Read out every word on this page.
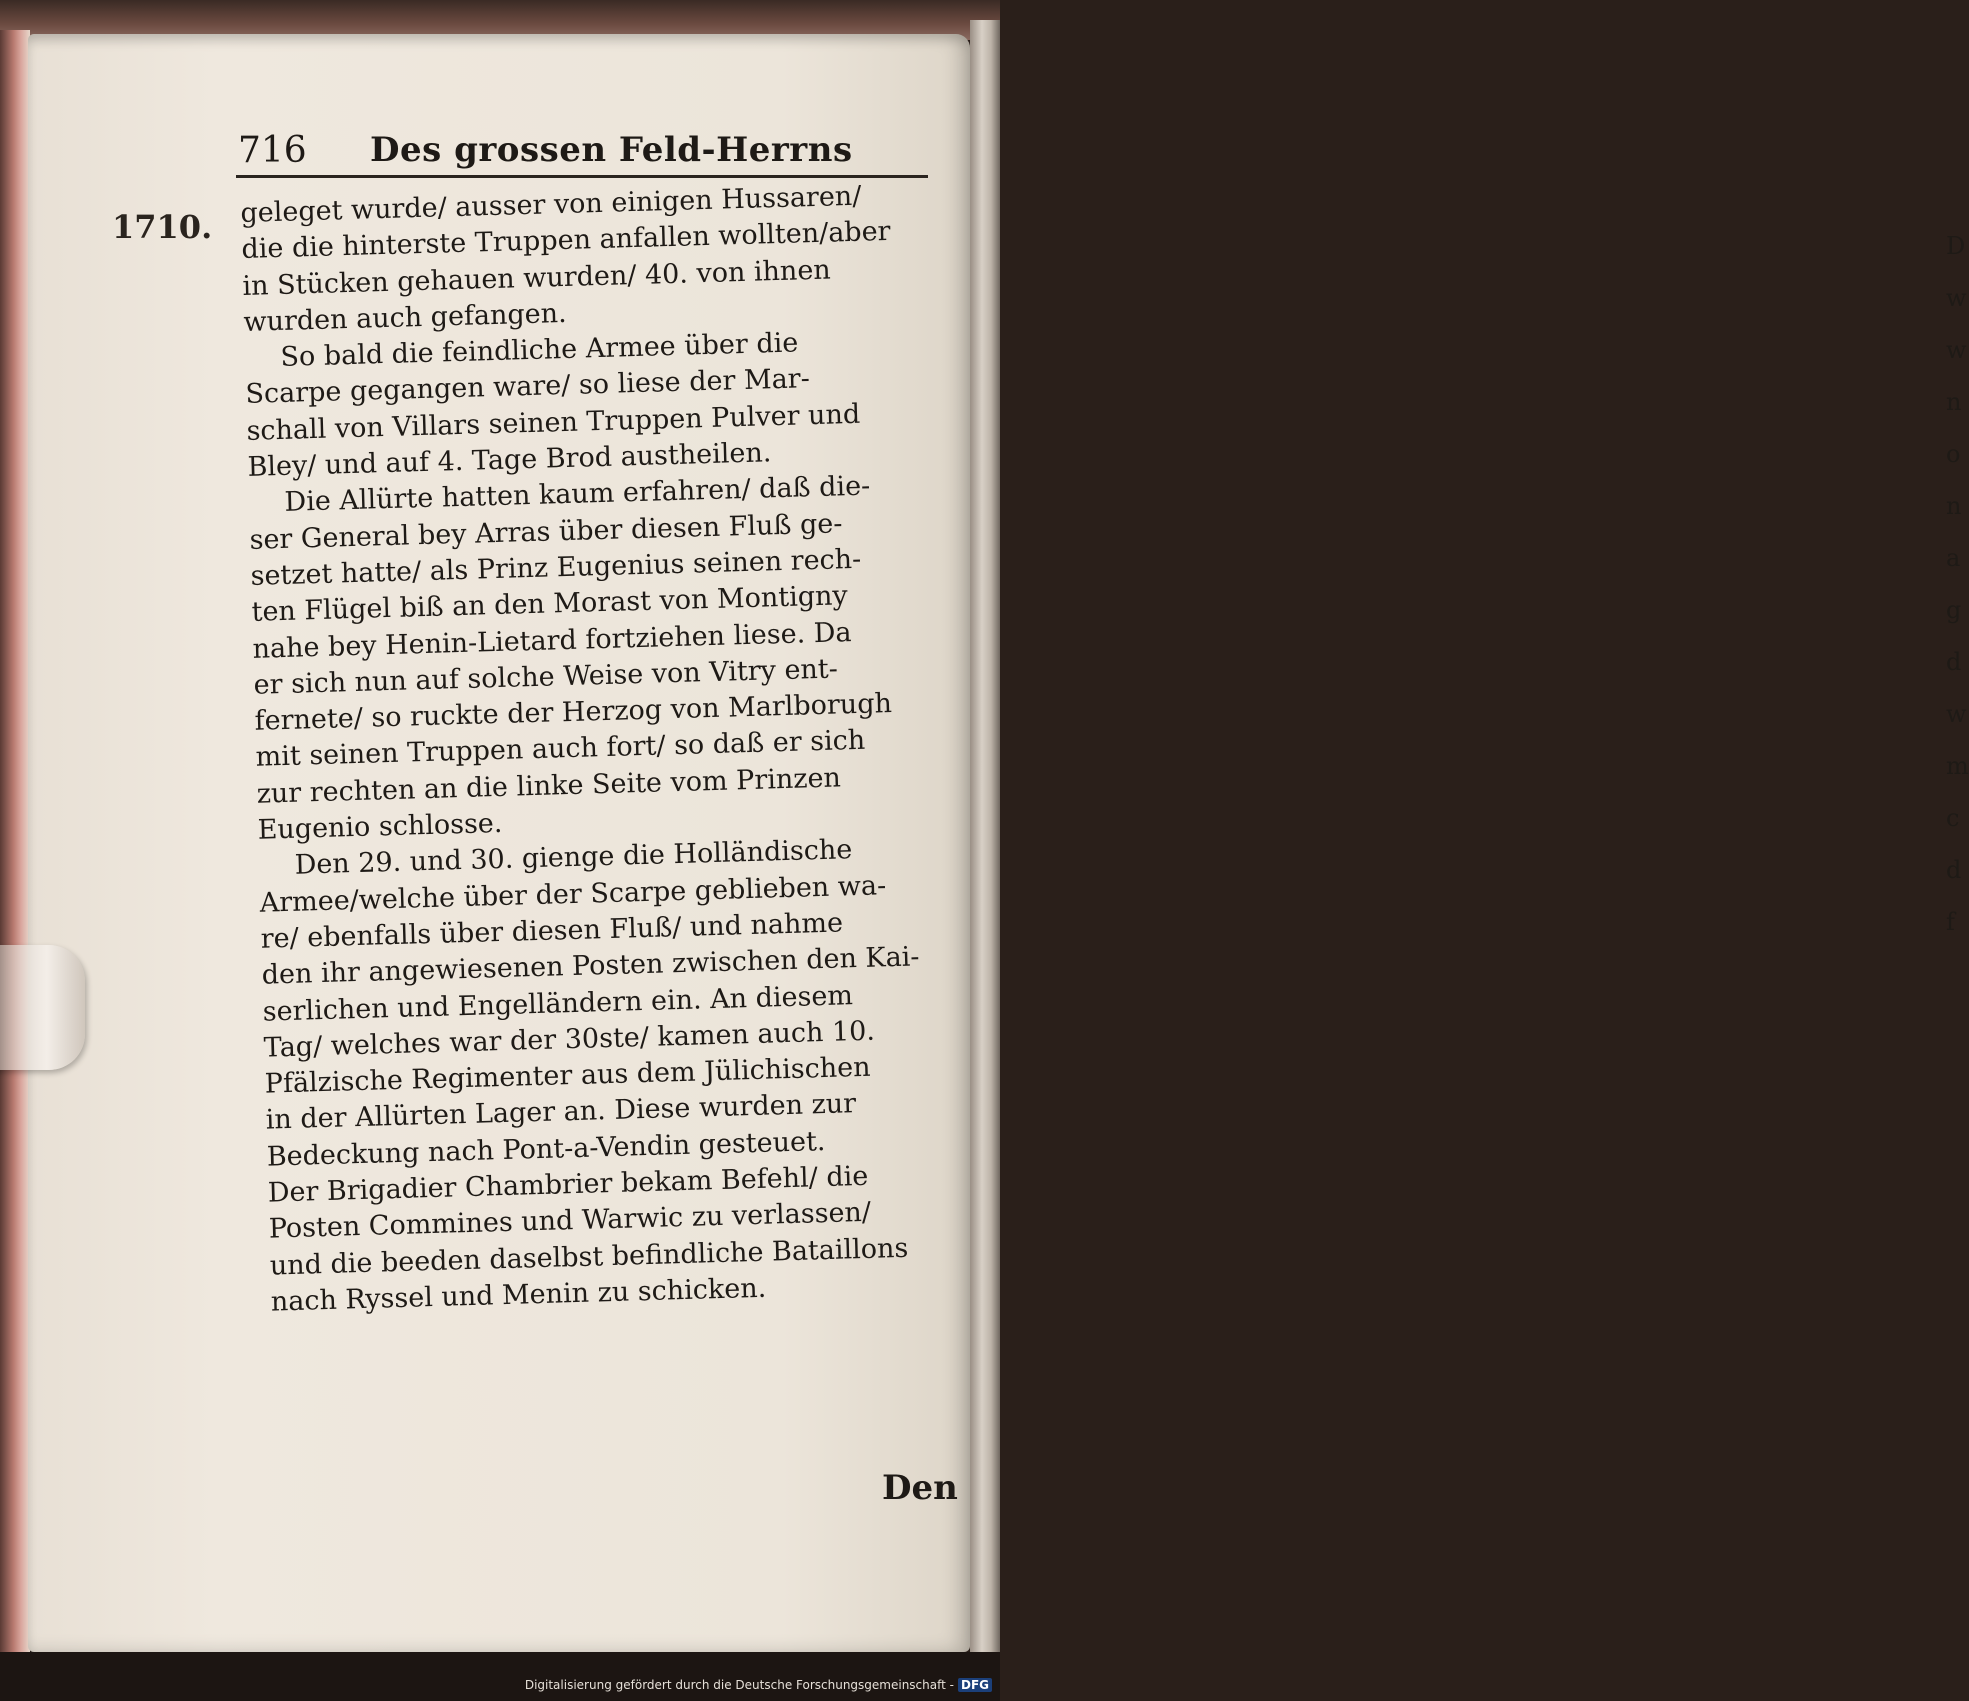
D
w
w
n
o
n
a
g
d
w
m
c
d
f
716 Des grossen Feld-Herrns
1710. geleget wurde/ ausser von einigen Hussaren/
die die hinterste Truppen anfallen wollten/aber
in Stücken gehauen wurden/ 40. von ihnen
wurden auch gefangen.
So bald die feindliche Armee über die
Scarpe gegangen ware/ so liese der Mar-
schall von Villars seinen Truppen Pulver und
Bley/ und auf 4. Tage Brod austheilen.
Die Allürte hatten kaum erfahren/ daß die-
ser General bey Arras über diesen Fluß ge-
setzet hatte/ als Prinz Eugenius seinen rech-
ten Flügel biß an den Morast von Montigny
nahe bey Henin-Lietard fortziehen liese. Da
er sich nun auf solche Weise von Vitry ent-
fernete/ so ruckte der Herzog von Marlborugh
mit seinen Truppen auch fort/ so daß er sich
zur rechten an die linke Seite vom Prinzen
Eugenio schlosse.
Den 29. und 30. gienge die Holländische
Armee/welche über der Scarpe geblieben wa-
re/ ebenfalls über diesen Fluß/ und nahme
den ihr angewiesenen Posten zwischen den Kai-
serlichen und Engelländern ein. An diesem
Tag/ welches war der 30ste/ kamen auch 10.
Pfälzische Regimenter aus dem Jülichischen
in der Allürten Lager an. Diese wurden zur
Bedeckung nach Pont-a-Vendin gesteuet.
Der Brigadier Chambrier bekam Befehl/ die
Posten Commines und Warwic zu verlassen/
und die beeden daselbst befindliche Bataillons
nach Ryssel und Menin zu schicken.
Den
Digitalisierung gefördert durch die Deutsche Forschungsgemeinschaft - DFG
